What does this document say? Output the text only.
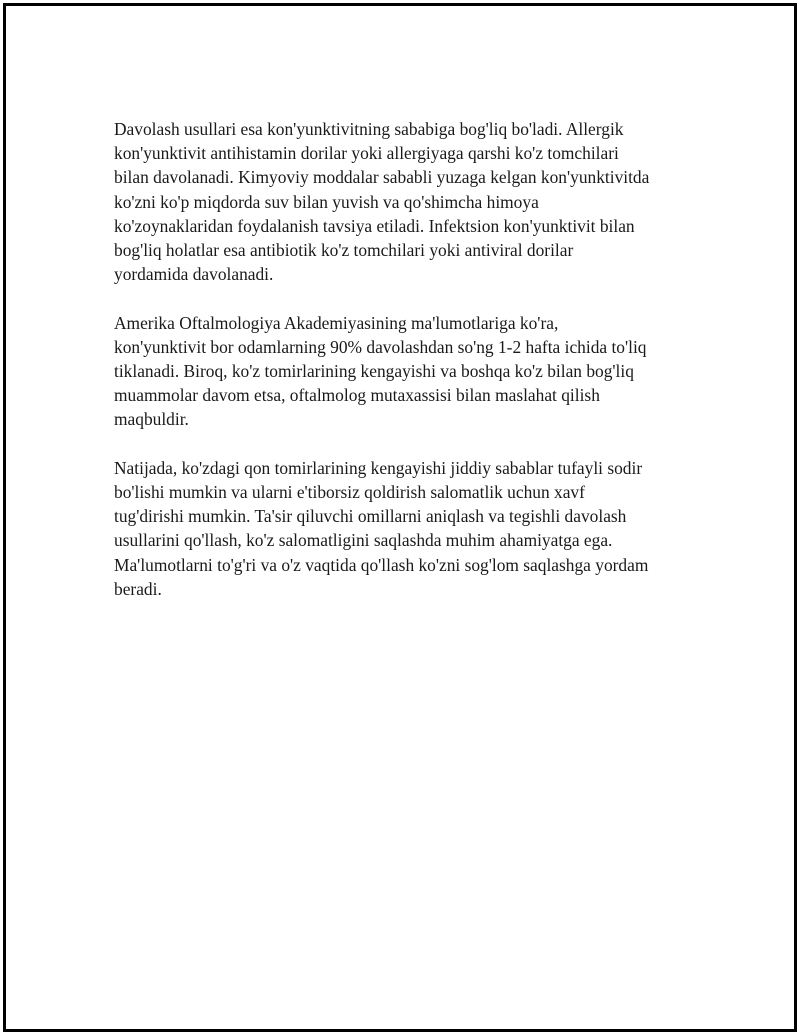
Davolash usullari esa kon'yunktivitning sababiga bog'liq bo'ladi. Allergik
kon'yunktivit antihistamin dorilar yoki allergiyaga qarshi ko'z tomchilari
bilan davolanadi. Kimyoviy moddalar sababli yuzaga kelgan kon'yunktivitda
ko'zni ko'p miqdorda suv bilan yuvish va qo'shimcha himoya
ko'zoynaklaridan foydalanish tavsiya etiladi. Infektsion kon'yunktivit bilan
bog'liq holatlar esa antibiotik ko'z tomchilari yoki antiviral dorilar
yordamida davolanadi.

Amerika Oftalmologiya Akademiyasining ma'lumotlariga ko'ra,
kon'yunktivit bor odamlarning 90% davolashdan so'ng 1-2 hafta ichida to'liq
tiklanadi. Biroq, ko'z tomirlarining kengayishi va boshqa ko'z bilan bog'liq
muammolar davom etsa, oftalmolog mutaxassisi bilan maslahat qilish
maqbuldir.

Natijada, ko'zdagi qon tomirlarining kengayishi jiddiy sabablar tufayli sodir
bo'lishi mumkin va ularni e'tiborsiz qoldirish salomatlik uchun xavf
tug'dirishi mumkin. Ta'sir qiluvchi omillarni aniqlash va tegishli davolash
usullarini qo'llash, ko'z salomatligini saqlashda muhim ahamiyatga ega.
Ma'lumotlarni to'g'ri va o'z vaqtida qo'llash ko'zni sog'lom saqlashga yordam
beradi.
